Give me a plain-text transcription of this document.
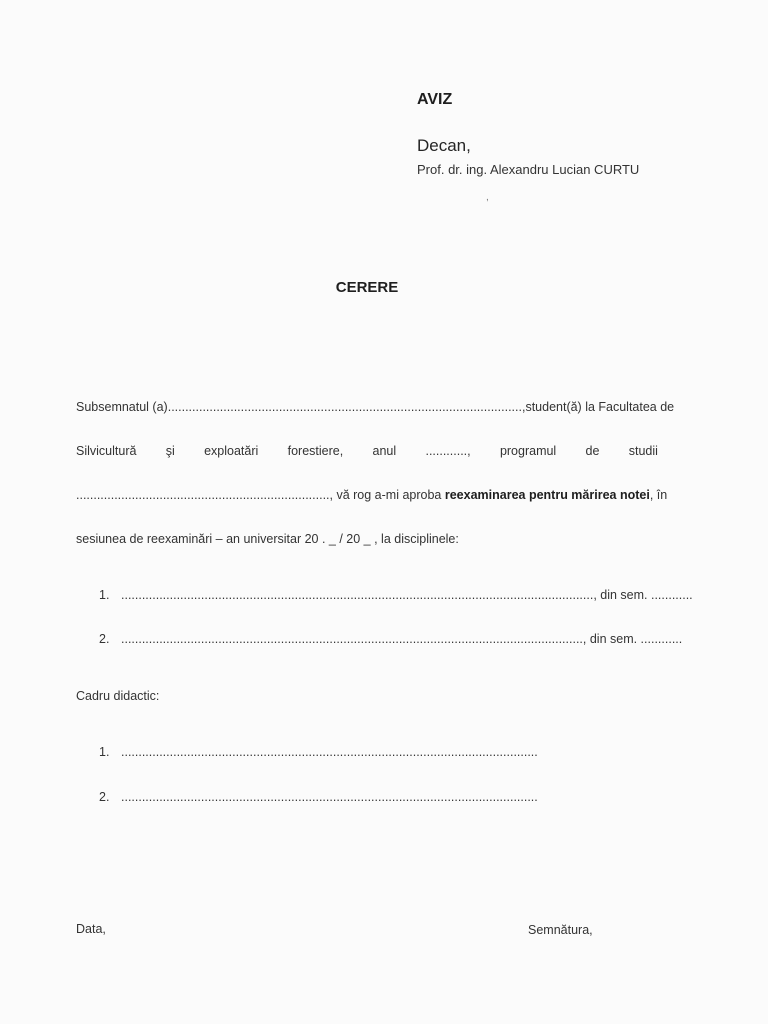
AVIZ
Decan,
Prof. dr. ing. Alexandru Lucian CURTU
,
CERERE
Subsemnatul (a) ......................................................................................................, student(ă) la Facultatea de
Silvicultură şi exploatări forestiere, anul ............, programul de studii
........................................................................., vă rog a-mi aproba reexaminarea pentru mărirea notei, în
sesiunea de reexaminări – an universitar 20 . _ / 20 _ , la disciplinele:
1. ........................................................................................................................................, din sem. ............
2. ....................................................................................................................................., din sem. ............
Cadru didactic:
1. ........................................................................................................................
2. ........................................................................................................................
Data,	Semnătura,
